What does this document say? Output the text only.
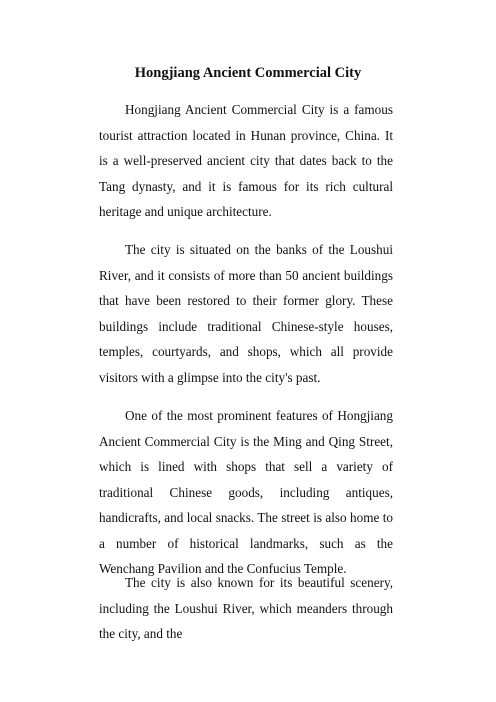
Hongjiang Ancient Commercial City

Hongjiang Ancient Commercial City is a famous tourist attraction located in Hunan province, China. It is a well-preserved ancient city that dates back to the Tang dynasty, and it is famous for its rich cultural heritage and unique architecture.

The city is situated on the banks of the Loushui River, and it consists of more than 50 ancient buildings that have been restored to their former glory. These buildings include traditional Chinese-style houses, temples, courtyards, and shops, which all provide visitors with a glimpse into the city's past.

One of the most prominent features of Hongjiang Ancient Commercial City is the Ming and Qing Street, which is lined with shops that sell a variety of traditional Chinese goods, including antiques, handicrafts, and local snacks. The street is also home to a number of historical landmarks, such as the Wenchang Pavilion and the Confucius Temple.

The city is also known for its beautiful scenery, including the Loushui River, which meanders through the city, and the
